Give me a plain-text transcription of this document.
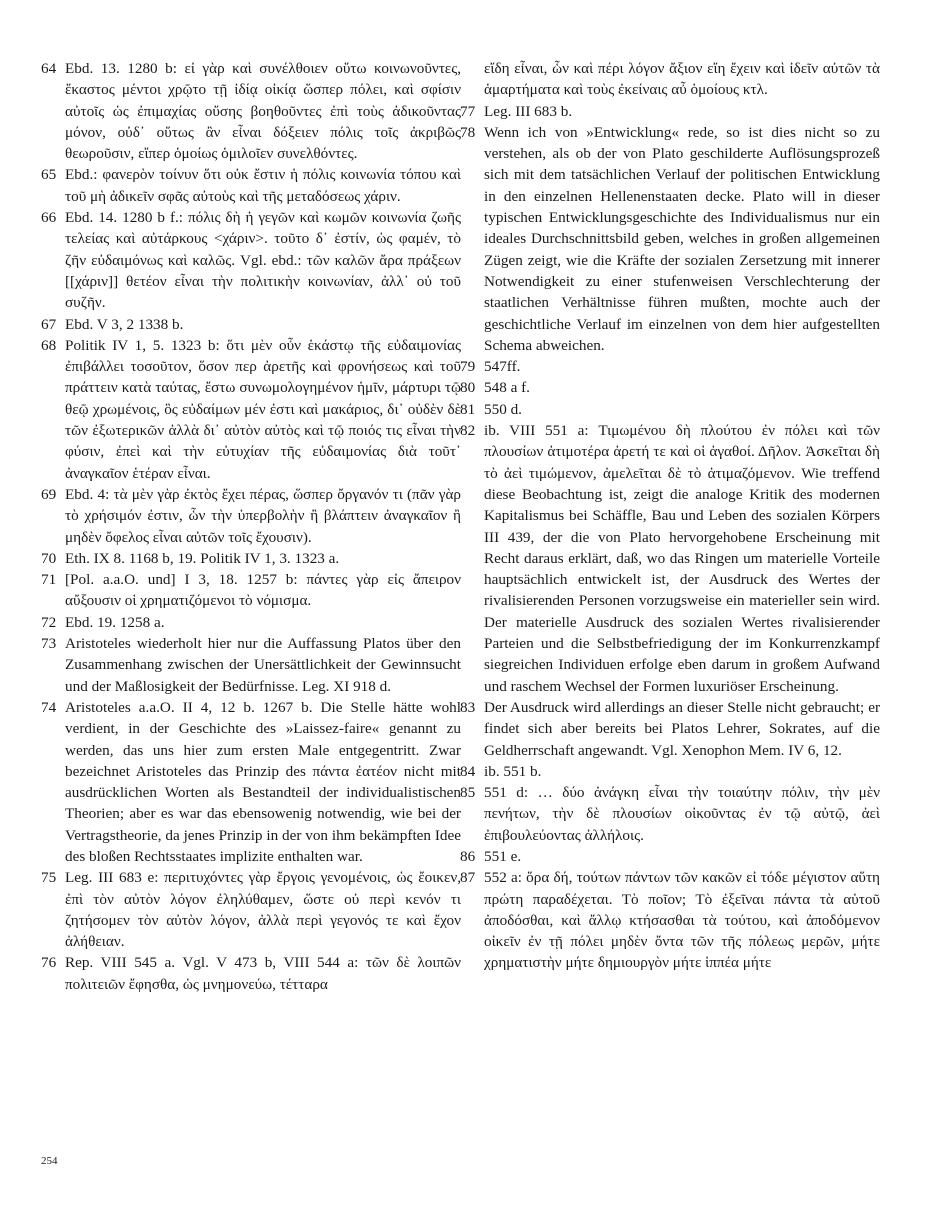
64 Ebd. 13. 1280 b: εἰ γὰρ καὶ συνέλθοιεν οὕτω κοινωνοῦντες, ἕκαστος μέντοι χρῷτο τῇ ἰδίᾳ οἰκίᾳ ὥσπερ πόλει, καὶ σφίσιν αὐτοῖς ὡς ἐπιμαχίας οὔσης βοηθοῦντες ἐπὶ τοὺς ἀδικοῦντας μόνον, οὐδ᾽ οὕτως ἂν εἶναι δόξειεν πόλις τοῖς ἀκριβῶς θεωροῦσιν, εἴπερ ὁμοίως ὁμιλοῖεν συνελθόντες.
65 Ebd.: φανερὸν τοίνυν ὅτι οὐκ ἔστιν ἡ πόλις κοινωνία τόπου καὶ τοῦ μὴ ἀδικεῖν σφᾶς αὐτοὺς καὶ τῆς μεταδόσεως χάριν.
66 Ebd. 14. 1280 b f.: πόλις δὴ ἡ γεγῶν καὶ κωμῶν κοινωνία ζωῆς τελείας καὶ αὐτάρκους <χάριν>. τοῦτο δ᾽ ἐστίν, ὡς φαμέν, τὸ ζῆν εὐδαιμόνως καὶ καλῶς. Vgl. ebd.: τῶν καλῶν ἄρα πράξεων [[χάριν]] θετέον εἶναι τὴν πολιτικὴν κοινωνίαν, ἀλλ᾽ οὐ τοῦ συζῆν.
67 Ebd. V 3, 2 1338 b.
68 Politik IV 1, 5. 1323 b: ὅτι μὲν οὖν ἑκάστῳ τῆς εὐδαιμονίας ἐπιβάλλει τοσοῦτον, ὅσον περ ἀρετῆς καὶ φρονήσεως καὶ τοῦ πράττειν κατὰ ταύτας, ἔστω συνωμολογημένον ἡμῖν, μάρτυρι τῷ θεῷ χρωμένοις, ὃς εὐδαίμων μέν ἐστι καὶ μακάριος, δι᾽ οὐδὲν δὲ τῶν ἐξωτερικῶν ἀλλὰ δι᾽ αὐτὸν αὐτὸς καὶ τῷ ποιός τις εἶναι τὴν φύσιν, ἐπεὶ καὶ τὴν εὐτυχίαν τῆς εὐδαιμονίας διὰ τοῦτ᾽ ἀναγκαῖον ἑτέραν εἶναι.
69 Ebd. 4: τὰ μὲν γὰρ ἐκτὸς ἔχει πέρας, ὥσπερ ὄργανόν τι (πᾶν γὰρ τὸ χρήσιμόν ἐστιν, ὧν τὴν ὑπερβολὴν ἢ βλάπτειν ἀναγκαῖον ἢ μηδὲν ὄφελος εἶναι αὐτῶν τοῖς ἔχουσιν).
70 Eth. IX 8. 1168 b, 19. Politik IV 1, 3. 1323 a.
71 [Pol. a.a.O. und] I 3, 18. 1257 b: πάντες γὰρ εἰς ἄπειρον αὔξουσιν οἱ χρηματιζόμενοι τὸ νόμισμα.
72 Ebd. 19. 1258 a.
73 Aristoteles wiederholt hier nur die Auffassung Platos über den Zusammenhang zwischen der Unersättlichkeit der Gewinnsucht und der Maßlosigkeit der Bedürfnisse. Leg. XI 918 d.
74 Aristoteles a.a.O. II 4, 12 b. 1267 b. Die Stelle hätte wohl verdient, in der Geschichte des »Laissez-faire« genannt zu werden, das uns hier zum ersten Male entgegentritt. Zwar bezeichnet Aristoteles das Prinzip des πάντα ἐατέον nicht mit ausdrücklichen Worten als Bestandteil der individualistischen Theorien; aber es war das ebensowenig notwendig, wie bei der Vertragstheorie, da jenes Prinzip in der von ihm bekämpften Idee des bloßen Rechtsstaates implizite enthalten war.
75 Leg. III 683 e: περιτυχόντες γὰρ ἔργοις γενομένοις, ὡς ἔοικεν, ἐπὶ τὸν αὐτὸν λόγον ἐληλύθαμεν, ὥστε οὐ περὶ κενόν τι ζητήσομεν τὸν αὐτὸν λόγον, ἀλλὰ περὶ γεγονός τε καὶ ἔχον ἀλήθειαν.
76 Rep. VIII 545 a. Vgl. V 473 b, VIII 544 a: τῶν δὲ λοιπῶν πολιτειῶν ἔφησθα, ὡς μνημονεύω, τέτταρα
εἴδη εἶναι, ὧν καὶ πέρι λόγον ἄξιον εἴη ἔχειν καὶ ἰδεῖν αὐτῶν τὰ ἁμαρτήματα καὶ τοὺς ἐκείναις αὖ ὁμοίους κτλ.
77 Leg. III 683 b.
78 Wenn ich von »Entwicklung« rede, so ist dies nicht so zu verstehen, als ob der von Plato geschilderte Auflösungsprozeß sich mit dem tatsächlichen Verlauf der politischen Entwicklung in den einzelnen Hellenenstaaten decke. Plato will in dieser typischen Entwicklungsgeschichte des Individualismus nur ein ideales Durchschnittsbild geben, welches in großen allgemeinen Zügen zeigt, wie die Kräfte der sozialen Zersetzung mit innerer Notwendigkeit zu einer stufenweisen Verschlechterung der staatlichen Verhältnisse führen mußten, mochte auch der geschichtliche Verlauf im einzelnen von dem hier aufgestellten Schema abweichen.
79 547ff.
80 548 a f.
81 550 d.
82 ib. VIII 551 a: Τιμωμένου δὴ πλούτου ἐν πόλει καὶ τῶν πλουσίων ἀτιμοτέρα ἀρετή τε καὶ οἱ ἀγαθοί. Δῆλον. Ἀσκεῖται δὴ τὸ ἀεὶ τιμώμενον, ἀμελεῖται δὲ τὸ ἀτιμαζόμενον. Wie treffend diese Beobachtung ist, zeigt die analoge Kritik des modernen Kapitalismus bei Schäffle, Bau und Leben des sozialen Körpers III 439, der die von Plato hervorgehobene Erscheinung mit Recht daraus erklärt, daß, wo das Ringen um materielle Vorteile hauptsächlich entwickelt ist, der Ausdruck des Wertes der rivalisierenden Personen vorzugsweise ein materieller sein wird. Der materielle Ausdruck des sozialen Wertes rivalisierender Parteien und die Selbstbefriedigung der im Konkurrenzkampf siegreichen Individuen erfolge eben darum in großem Aufwand und raschem Wechsel der Formen luxuriöser Erscheinung.
83 Der Ausdruck wird allerdings an dieser Stelle nicht gebraucht; er findet sich aber bereits bei Platos Lehrer, Sokrates, auf die Geldherrschaft angewandt. Vgl. Xenophon Mem. IV 6, 12.
84 ib. 551 b.
85 551 d: … δύο ἀνάγκη εἶναι τὴν τοιαύτην πόλιν, τὴν μὲν πενήτων, τὴν δὲ πλουσίων οἰκοῦντας ἐν τῷ αὐτῷ, ἀεὶ ἐπιβουλεύοντας ἀλλήλοις.
86 551 e.
87 552 a: ὅρα δή, τούτων πάντων τῶν κακῶν εἰ τόδε μέγιστον αὕτη πρώτη παραδέχεται. Τὸ ποῖον; Τὸ ἐξεῖναι πάντα τὰ αὑτοῦ ἀποδόσθαι, καὶ ἄλλῳ κτήσασθαι τὰ τούτου, καὶ ἀποδόμενον οἰκεῖν ἐν τῇ πόλει μηδὲν ὄντα τῶν τῆς πόλεως μερῶν, μήτε χρηματιστὴν μήτε δημιουργὸν μήτε ἱππέα μήτε
254
